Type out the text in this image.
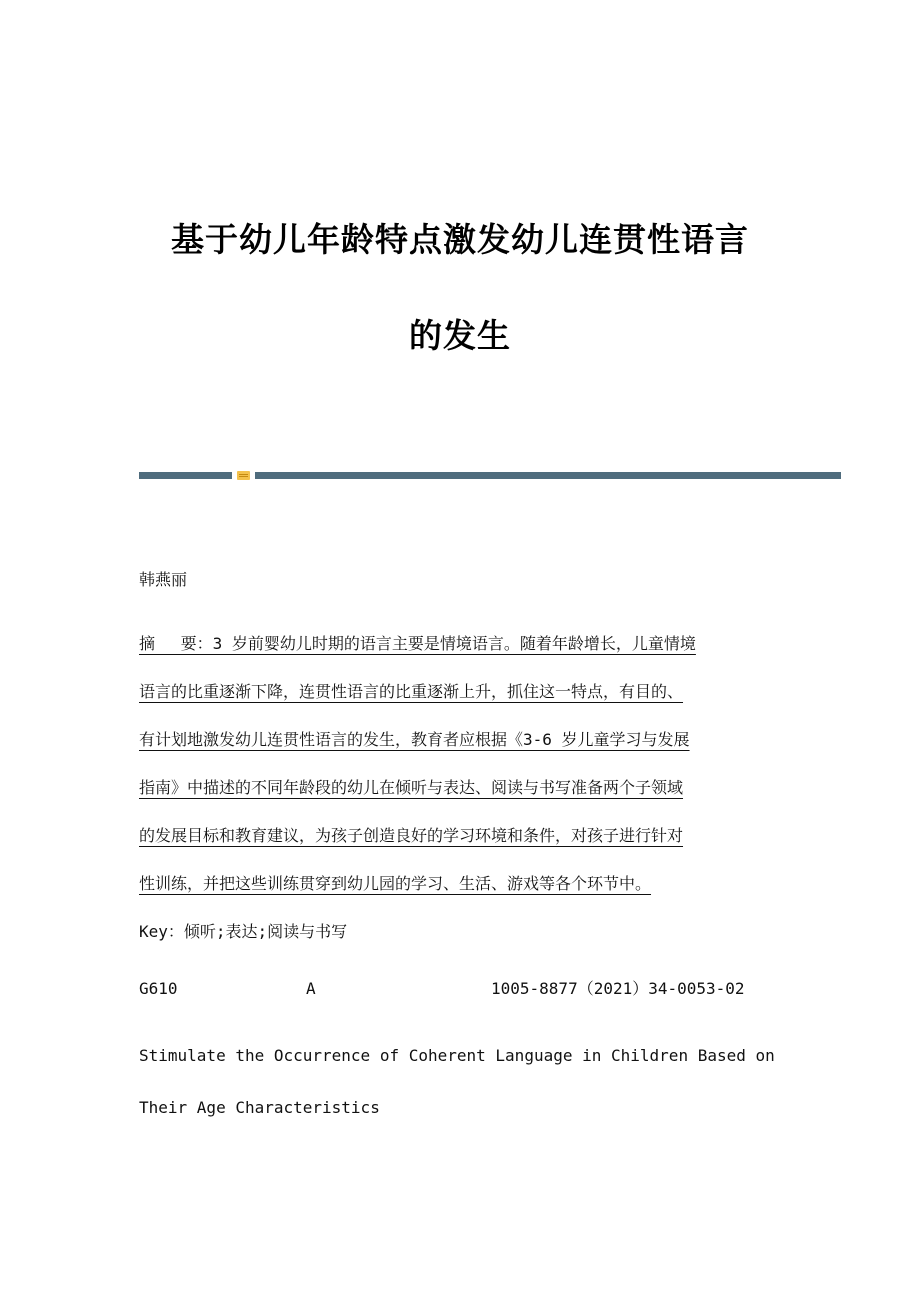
基于幼儿年龄特点激发幼儿连贯性语言
的发生
韩燕丽
摘　 要：3 岁前婴幼儿时期的语言主要是情境语言。随着年龄增长，儿童情境
语言的比重逐渐下降，连贯性语言的比重逐渐上升，抓住这一特点，有目的、
有计划地激发幼儿连贯性语言的发生，教育者应根据《3-6 岁儿童学习与发展
指南》中描述的不同年龄段的幼儿在倾听与表达、阅读与书写准备两个子领域
的发展目标和教育建议，为孩子创造良好的学习环境和条件，对孩子进行针对
性训练，并把这些训练贯穿到幼儿园的学习、生活、游戏等各个环节中。
Key：倾听;表达;阅读与书写
G610	A	1005-8877（2021）34-0053-02
Stimulate the Occurrence of Coherent Language in Children Based on
Their Age Characteristics
